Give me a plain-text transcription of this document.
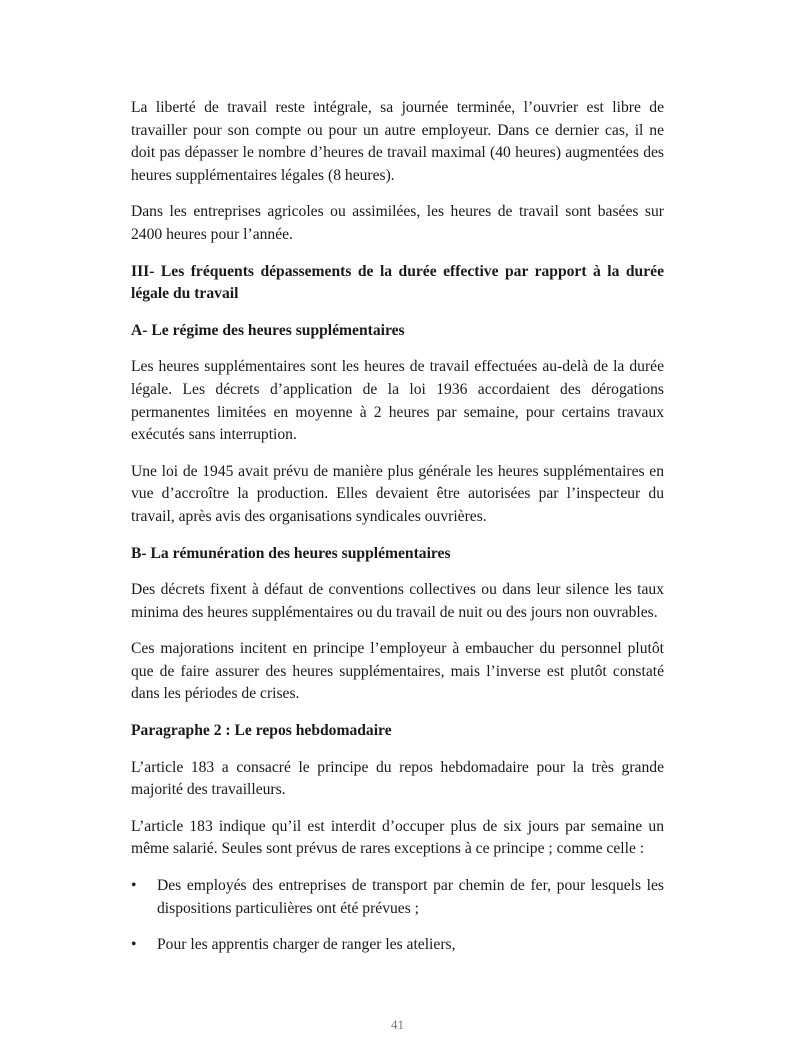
La liberté de travail reste intégrale, sa journée terminée, l’ouvrier est libre de travailler pour son compte ou pour un autre employeur. Dans ce dernier cas, il ne doit pas dépasser le nombre d’heures de travail maximal (40 heures) augmentées des heures supplémentaires légales (8 heures).

Dans les entreprises agricoles ou assimilées, les heures de travail sont basées sur 2400 heures pour l’année.

III- Les fréquents dépassements de la durée effective par rapport à la durée légale du travail
A- Le régime des heures supplémentaires

Les heures supplémentaires sont les heures de travail effectuées au-delà de la durée légale. Les décrets d’application de la loi 1936 accordaient des dérogations permanentes limitées en moyenne à 2 heures par semaine, pour certains travaux exécutés sans interruption.

Une loi de 1945 avait prévu de manière plus générale les heures supplémentaires en vue d’accroître la production. Elles devaient être autorisées par l’inspecteur du travail, après avis des organisations syndicales ouvrières.

B- La rémunération des heures supplémentaires

Des décrets fixent à défaut de conventions collectives ou dans leur silence les taux minima des heures supplémentaires ou du travail de nuit ou des jours non ouvrables.

Ces majorations incitent en principe l’employeur à embaucher du personnel plutôt que de faire assurer des heures supplémentaires, mais l’inverse est plutôt constaté dans les périodes de crises.

Paragraphe 2 : Le repos hebdomadaire

L’article 183 a consacré le principe du repos hebdomadaire pour la très grande majorité des travailleurs.

L’article 183 indique qu’il est interdit d’occuper plus de six jours par semaine un même salarié. Seules sont prévus de rares exceptions à ce principe ; comme celle :

• Des employés des entreprises de transport par chemin de fer, pour lesquels les dispositions particulières ont été prévues ;
• Pour les apprentis charger de ranger les ateliers,
41
